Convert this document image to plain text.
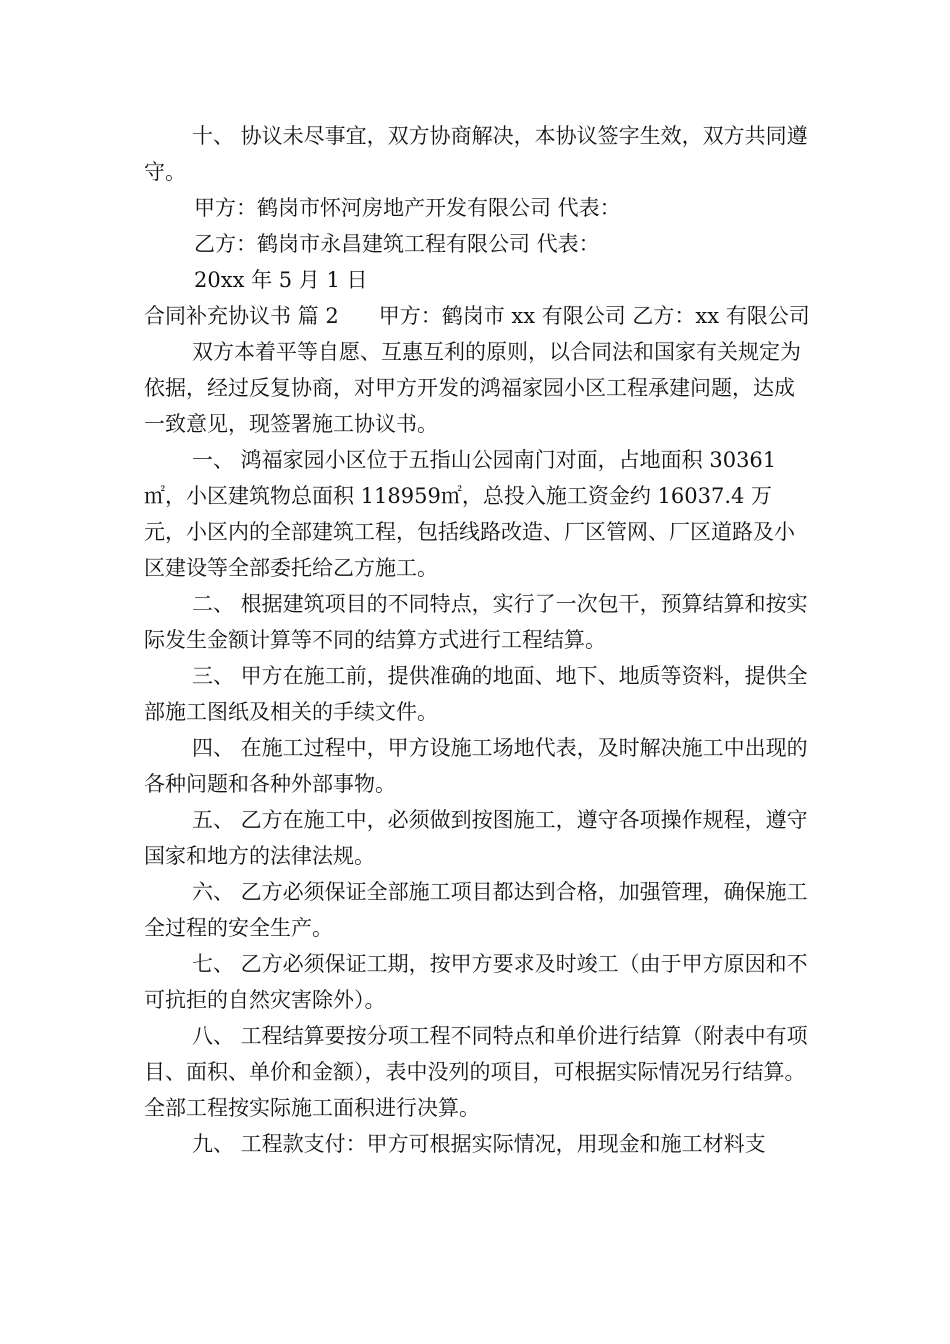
十、 协议未尽事宜，双方协商解决，本协议签字生效，双方共同遵守。

甲方：鹤岗市怀河房地产开发有限公司 代表：

乙方：鹤岗市永昌建筑工程有限公司 代表：

20xx 年 5 月 1 日

合同补充协议书 篇 2 甲方：鹤岗市 xx 有限公司 乙方：xx 有限公司

双方本着平等自愿、互惠互利的原则，以合同法和国家有关规定为依据，经过反复协商，对甲方开发的鸿福家园小区工程承建问题，达成一致意见，现签署施工协议书。

一、 鸿福家园小区位于五指山公园南门对面，占地面积 30361㎡，小区建筑物总面积 118959㎡，总投入施工资金约 16037.4 万元，小区内的全部建筑工程，包括线路改造、厂区管网、厂区道路及小区建设等全部委托给乙方施工。

二、 根据建筑项目的不同特点，实行了一次包干，预算结算和按实际发生金额计算等不同的结算方式进行工程结算。

三、 甲方在施工前，提供准确的地面、地下、地质等资料，提供全部施工图纸及相关的手续文件。

四、 在施工过程中，甲方设施工场地代表，及时解决施工中出现的各种问题和各种外部事物。

五、 乙方在施工中，必须做到按图施工，遵守各项操作规程，遵守国家和地方的法律法规。

六、 乙方必须保证全部施工项目都达到合格，加强管理，确保施工全过程的安全生产。

七、 乙方必须保证工期，按甲方要求及时竣工（由于甲方原因和不可抗拒的自然灾害除外）。

八、 工程结算要按分项工程不同特点和单价进行结算（附表中有项目、面积、单价和金额），表中没列的项目，可根据实际情况另行结算。全部工程按实际施工面积进行决算。

九、 工程款支付：甲方可根据实际情况，用现金和施工材料支
